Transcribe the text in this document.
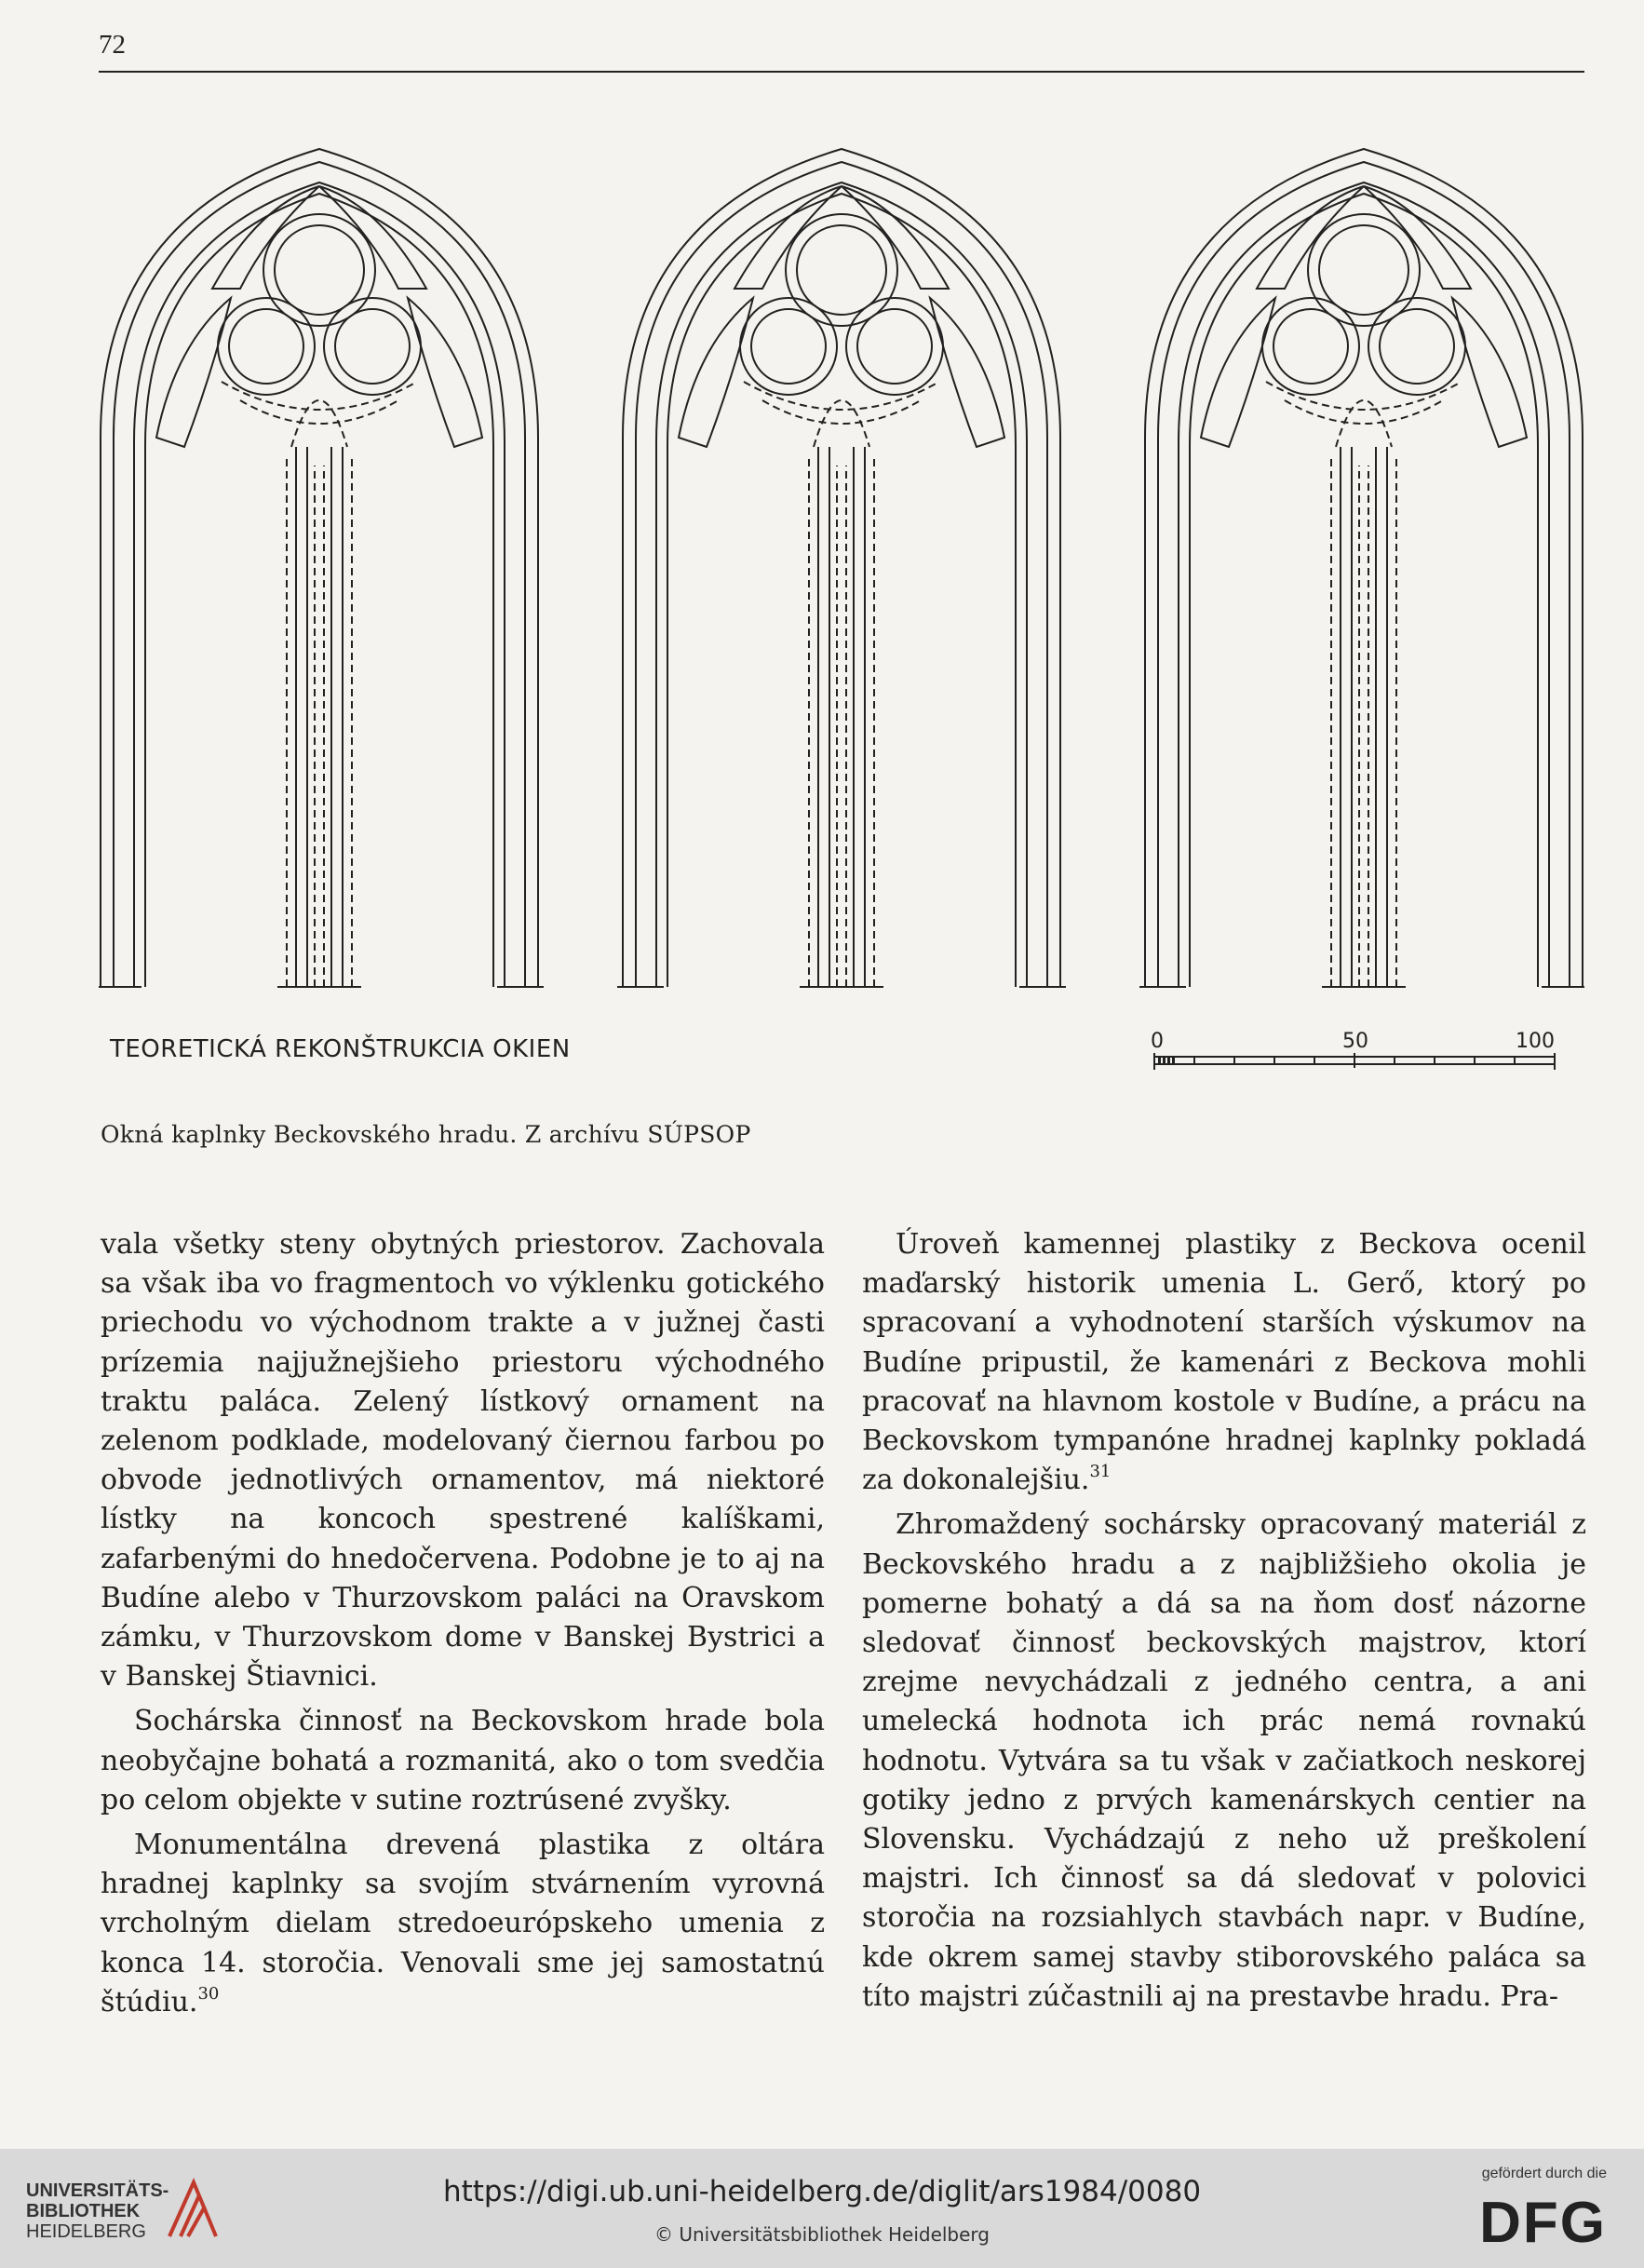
72
TEORETICKÁ REKONŠTRUKCIA OKIEN	0	50	100
Okná kaplnky Beckovského hradu. Z archívu SÚPSOP

vala všetky steny obytných priestorov. Zachovala sa však iba vo fragmentoch vo výklenku gotického priechodu vo východnom trakte a v južnej časti prízemia najjužnejšieho priestoru východného traktu paláca. Zelený lístkový ornament na zelenom podklade, modelovaný čiernou farbou po obvode jednotlivých ornamentov, má niektoré lístky na koncoch spestrené kalíškami, zafarbenými do hnedočervena. Podobne je to aj na Budíne alebo v Thurzovskom paláci na Oravskom zámku, v Thurzovskom dome v Banskej Bystrici a v Banskej Štiavnici.

Sochárska činnosť na Beckovskom hrade bola neobyčajne bohatá a rozmanitá, ako o tom svedčia po celom objekte v sutine roztrúsené zvyšky.

Monumentálna drevená plastika z oltára hradnej kaplnky sa svojím stvárnením vyrovná vrcholným dielam stredoeurópskeho umenia z konca 14. storočia. Venovali sme jej samostatnú štúdiu.$^{30}$

Úroveň kamennej plastiky z Beckova ocenil maďarský historik umenia L. Gerő, ktorý po spracovaní a vyhodnotení starších výskumov na Budíne pripustil, že kamenári z Beckova mohli pracovať na hlavnom kostole v Budíne, a prácu na Beckovskom tympanóne hradnej kaplnky pokladá za dokonalejšiu.$^{31}$

Zhromaždený sochársky opracovaný materiál z Beckovského hradu a z najbližšieho okolia je pomerne bohatý a dá sa na ňom dosť názorne sledovať činnosť beckovských majstrov, ktorí zrejme nevychádzali z jedného centra, a ani umelecká hodnota ich prác nemá rovnakú hodnotu. Vytvára sa tu však v začiatkoch neskorej gotiky jedno z prvých kamenárskych centier na Slovensku. Vychádzajú z neho už preškolení majstri. Ich činnosť sa dá sledovať v polovici storočia na rozsiahlych stavbách napr. v Budíne, kde okrem samej stavby stiborovského paláca sa títo majstri zúčastnili aj na prestavbe hradu. Pra-

UNIVERSITÄTS-
BIBLIOTHEK
HEIDELBERG
https://digi.ub.uni-heidelberg.de/diglit/ars1984/0080
© Universitätsbibliothek Heidelberg
gefördert durch die
DFG
